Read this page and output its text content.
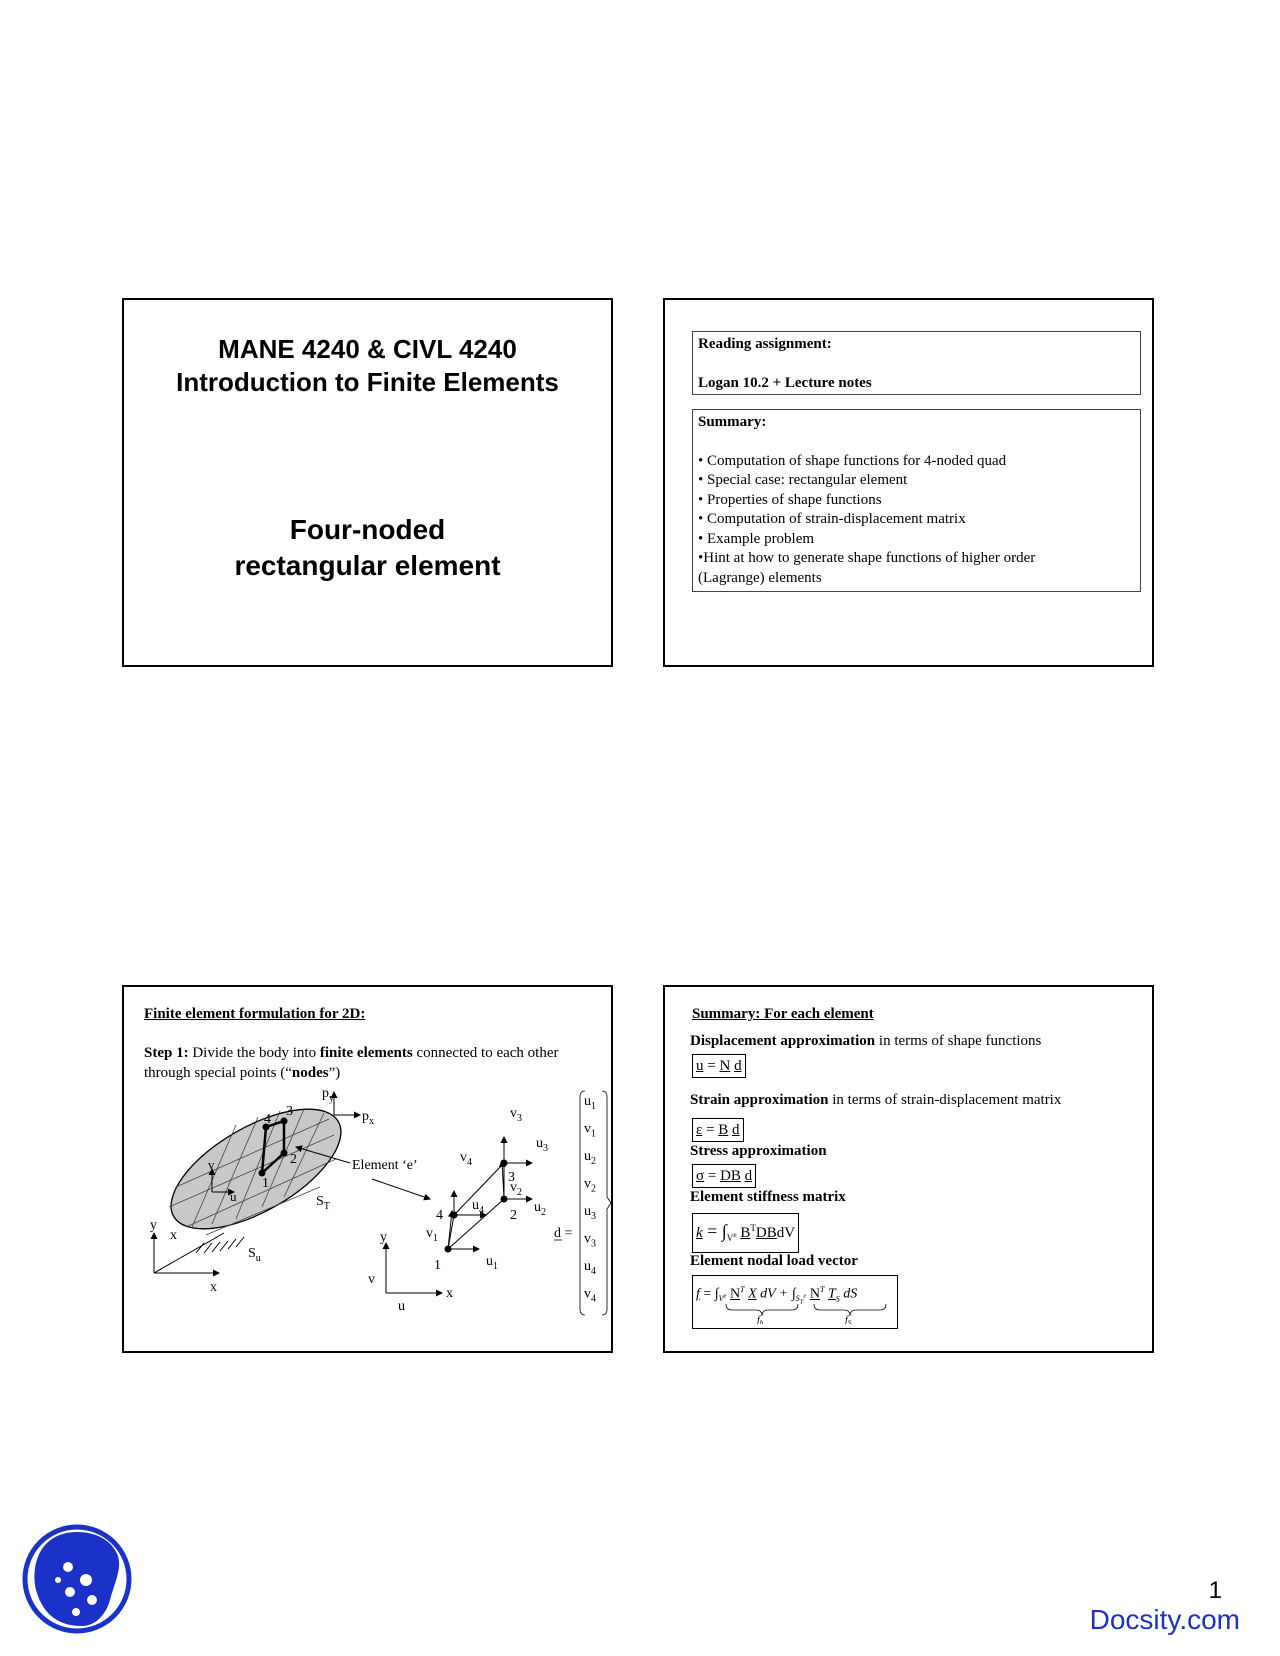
MANE 4240 & CIVL 4240
Introduction to Finite Elements
Four-noded
rectangular element
Reading assignment:
Logan 10.2 + Lecture notes
Summary:
• Computation of shape functions for 4-noded quad
• Special case: rectangular element
• Properties of shape functions
• Computation of strain-displacement matrix
• Example problem
•Hint at how to generate shape functions of higher order
(Lagrange) elements
Finite element formulation for 2D:
Step 1: Divide the body into finite elements connected to each other through special points (“nodes”)
y
x
x
$S_u$
$S_T$
1
2
3
4
v
u
$p_y$
$p_x$
Element ‘e’
y
x
v
u
1
2
3
4
$v_1$
$u_1$
$v_2$
$u_2$
$v_3$
$u_3$
$v_4$
$u_4$
d =
$u_1$
$v_1$
$u_2$
$v_2$
$u_3$
$v_3$
$u_4$
$v_4$
Summary: For each element
Displacement approximation in terms of shape functions
u = N d
Strain approximation in terms of strain-displacement matrix
ε = B d
Stress approximation
σ = DB d
Element stiffness matrix
$k = \int_{V^e}$ $B^TDBdV$
Element nodal load vector
$f = \int_{V^e}$ $N^T$ X dV + $\int_{S_T^e}$ $N^T$ $T_S$ dS
$f_b$	$f_S$
1
Docsity.com
